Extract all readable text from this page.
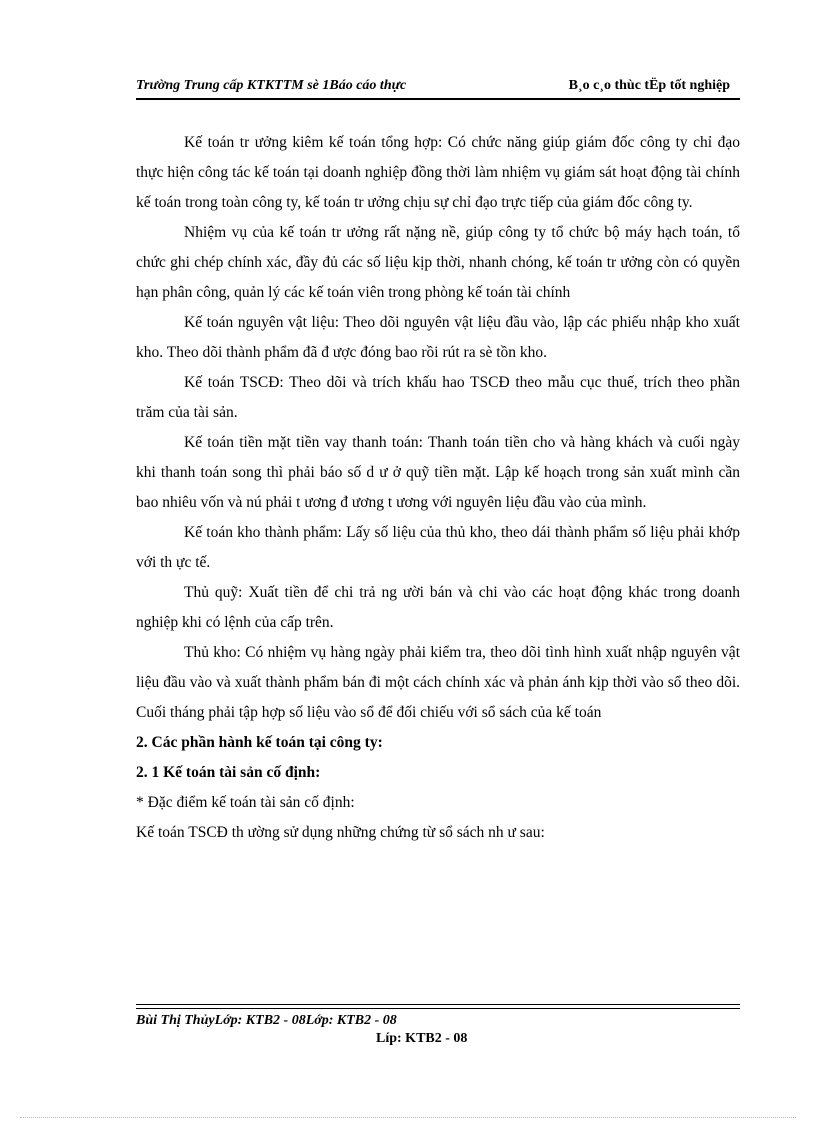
Trường Trung cấp KTKTTM sè 1Báo cáo thực	B¸o c¸o thùc tËp tốt nghiệp

Kế toán tr ưởng kiêm kế toán tổng hợp: Có chức năng giúp giám đốc công ty chỉ đạo thực hiện công tác kế toán tại doanh nghiệp đồng thời làm nhiệm vụ giám sát hoạt động tài chính kế toán trong toàn công ty, kế toán tr ưởng chịu sự chỉ đạo trực tiếp của giám đốc công ty.

Nhiệm vụ của kế toán tr ưởng rất nặng nề, giúp công ty tổ chức bộ máy hạch toán, tổ chức ghi chép chính xác, đầy đủ các số liệu kịp thời, nhanh chóng, kế toán tr ưởng còn có quyền hạn phân công, quản lý các kế toán viên trong phòng kế toán tài chính

Kế toán nguyên vật liệu: Theo dõi nguyên vật liệu đầu vào, lập các phiếu nhập kho xuất kho. Theo dõi thành phẩm đã đ ược đóng bao rồi rút ra sè tồn kho.

Kế toán TSCĐ: Theo dõi và trích khấu hao TSCĐ theo mẫu cục thuế, trích theo phần trăm của tài sản.

Kế toán tiền mặt tiền vay thanh toán: Thanh toán tiền cho và hàng khách và cuối ngày khi thanh toán song thì phải báo số d ư ở quỹ tiền mặt. Lập kế hoạch trong sản xuất mình cần bao nhiêu vốn và nú phải t ương đ ương t ương với nguyên liệu đầu vào của mình.

Kế toán kho thành phẩm: Lấy số liệu của thủ kho, theo dái thành phẩm số liệu phải khớp với th ực tế.

Thủ quỹ: Xuất tiền để chi trả ng ười bán và chi vào các hoạt động khác trong doanh nghiệp khi có lệnh của cấp trên.

Thủ kho: Có nhiệm vụ hàng ngày phải kiểm tra, theo dõi tình hình xuất nhập nguyên vật liệu đầu vào và xuất thành phẩm bán đi một cách chính xác và phản ánh kịp thời vào sổ theo dõi. Cuối tháng phải tập hợp số liệu vào sổ để đối chiếu với sổ sách của kế toán

2. Các phần hành kế toán tại công ty:

2. 1 Kế toán tài sản cố định:

* Đặc điểm kế toán tài sản cố định:

Kế toán TSCĐ th ường sử dụng những chứng từ sổ sách nh ư sau:

Bùi Thị ThủyLớp: KTB2 - 08Lớp: KTB2 - 08
Líp: KTB2 - 08
